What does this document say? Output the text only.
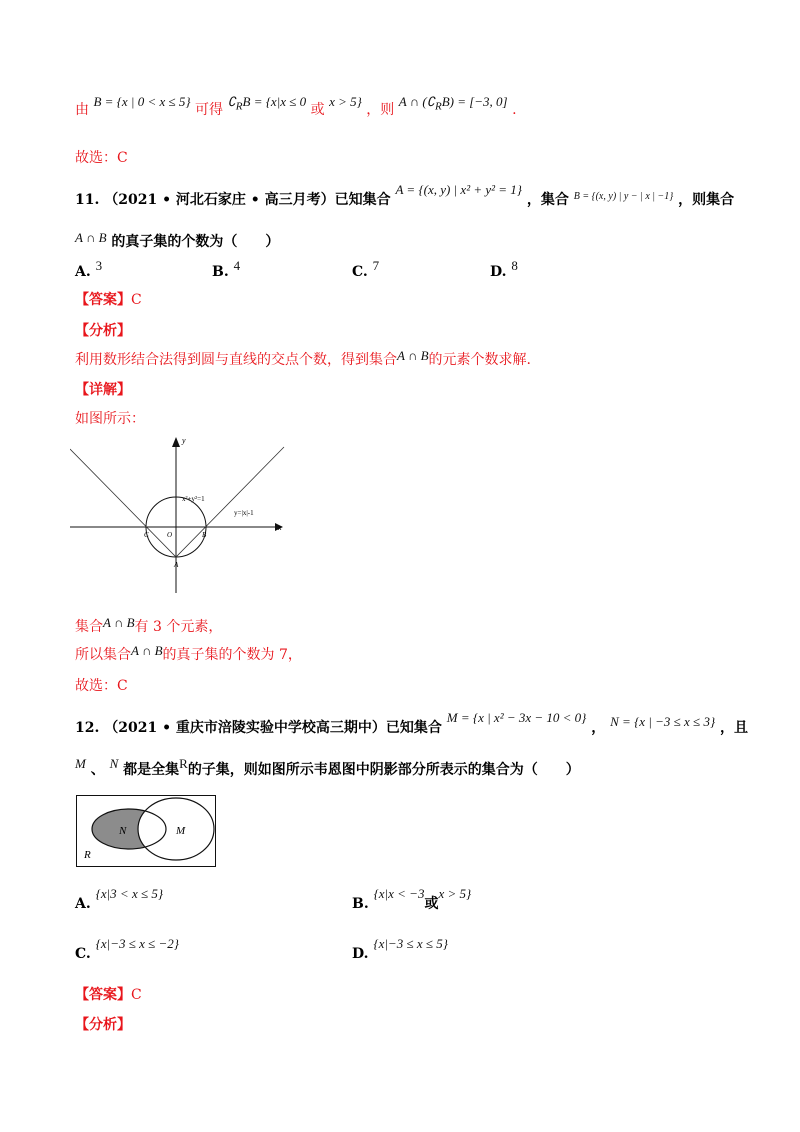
由 B = {x | 0 < x ≤ 5} 可得 $∁_RB = \{x|x \le 0$ 或 x > 5} ，则 A ∩ $(∁_RB) = [-3$, 0] .
故选：C
11. （2021 • 河北石家庄 • 高三月考）已知集合 A = {(x, y) | x² + y² = 1} ，集合 $^{B = \{(x, y) | y - | x | -1\}}$ ，则集合
A ∩ B 的真子集的个数为（　　）
A. 3	B. 4	C. 7	D. 8
【答案】C
【分析】
利用数形结合法得到圆与直线的交点个数，得到集合A ∩ B的元素个数求解.
【详解】
如图所示：
y
x
x²+y²=1
y=|x|-1
C	O	B
A
集合A ∩ B有 3 个元素，
所以集合A ∩ B的真子集的个数为 7，
故选：C
12. （2021 • 重庆市涪陵实验中学校高三期中）已知集合 M = {x | x² − 3x − 10 < 0} ， N = {x | −3 ≤ x ≤ 3} ，且
M 、 N 都是全集R的子集，则如图所示韦恩图中阴影部分所表示的集合为（　　）
N	M
R
A. {x|3 < x ≤ 5}
B. {x|x < −3或x > 5}
C. {x|−3 ≤ x ≤ −2}
D. {x|−3 ≤ x ≤ 5}
【答案】C
【分析】
